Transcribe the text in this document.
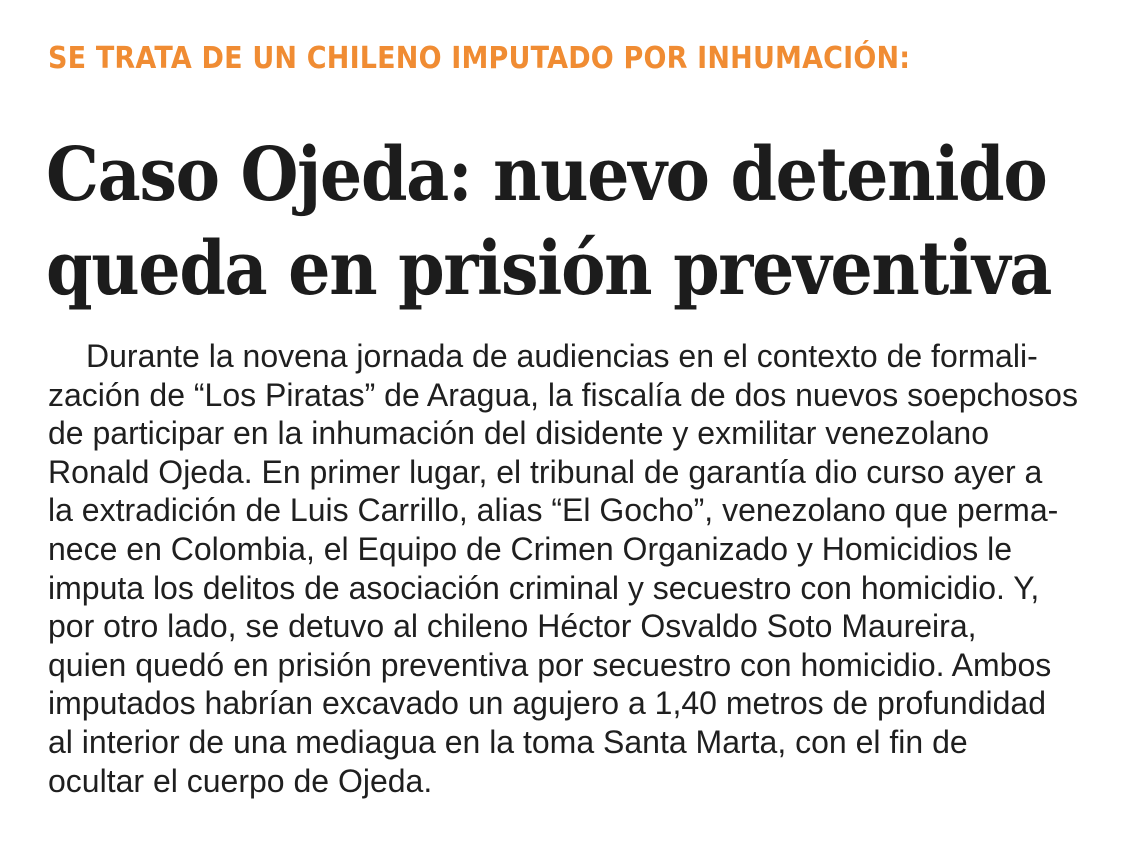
SE TRATA DE UN CHILENO IMPUTADO POR INHUMACIÓN:
Caso Ojeda: nuevo detenido
queda en prisión preventiva
Durante la novena jornada de audiencias en el contexto de formali-
zación de “Los Piratas” de Aragua, la fiscalía de dos nuevos soepchosos
de participar en la inhumación del disidente y exmilitar venezolano
Ronald Ojeda. En primer lugar, el tribunal de garantía dio curso ayer a
la extradición de Luis Carrillo, alias “El Gocho”, venezolano que perma-
nece en Colombia, el Equipo de Crimen Organizado y Homicidios le
imputa los delitos de asociación criminal y secuestro con homicidio. Y,
por otro lado, se detuvo al chileno Héctor Osvaldo Soto Maureira,
quien quedó en prisión preventiva por secuestro con homicidio. Ambos
imputados habrían excavado un agujero a 1,40 metros de profundidad
al interior de una mediagua en la toma Santa Marta, con el fin de
ocultar el cuerpo de Ojeda.
